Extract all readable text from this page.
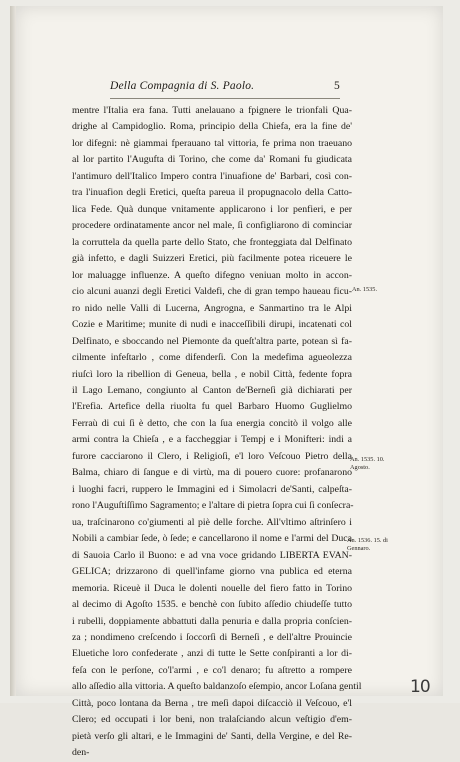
Della Compagnia di S. Paolo.	5
mentre l'Italia era fana. Tutti anelauano a fpignere le trionfali Qua-
drighe al Campidoglio. Roma, principio della Chiefa, era la fine de'
lor difegni: nè giammai fperauano tal vittoria, fe prima non traeuano
al lor partito l'Augufta di Torino, che come da' Romani fu giudicata
l'antimuro dell'Italico Impero contra l'inuafione de' Barbari, così con-
tra l'inuafion degli Eretici, queſta pareua il propugnacolo della Catto-
lica Fede. Quà dunque vnitamente applicarono i lor penfieri, e per
procedere ordinatamente ancor nel male, ſi configliarono di cominciar
la corruttela da quella parte dello Stato, che fronteggiata dal Delfinato
già infetto, e dagli Suizzeri Eretici, più facilmente potea riceuere le
lor maluagge influenze. A queſto difegno veniuan molto in accon-
cio alcuni auanzi degli Eretici Valdefi, che di gran tempo haueau ficu-
ro nido nelle Valli di Lucerna, Angrogna, e Sanmartino tra le Alpi
Cozie e Maritime; munite di nudi e inacceſſibili dirupi, incatenati col
Delfinato, e sboccando nel Piemonte da queſt'altra parte, potean sì fa-
cilmente infeſtarlo , come difenderſi. Con la medefima agueolezza
riuſcì loro la ribellion di Geneua, bella , e nobil Città, fedente fopra
il Lago Lemano, congiunto al Canton de'Berneſi già dichiarati per
l'Erefia. Artefice della riuolta fu quel Barbaro Huomo Guglielmo
Ferraù di cui ſi è detto, che con la ſua energia concitò il volgo alle
armi contra la Chieſa , e a faccheggiar i Tempj e i Monifteri: indi a
furore cacciarono il Clero, i Religioſi, e'l loro Veſcouo Pietro della
Balma, chiaro di ſangue e di virtù, ma di pouero cuore: profanarono
i luoghi facri, ruppero le Immagini ed i Simolacri de'Santi, calpeſta-
rono l'Auguſtiſſimo Sagramento; e l'altare di pietra ſopra cui ſi conſecra-
ua, traſcinarono co'giumenti al piè delle forche. All'vltimo aſtrinſero i
Nobili a cambiar ſede, ò ſede; e cancellarono il nome e l'armi del Duca
di Sauoia Carlo il Buono: e ad vna voce gridando LIBERTA EVAN-
GELICA; drizzarono di quell'infame giorno vna publica ed eterna
memoria. Riceuè il Duca le dolenti nouelle del fiero fatto in Torino
al decimo di Agoſto 1535. e benchè con ſubito aſſedio chiudeſſe tutto
i rubelli, doppiamente abbattuti dalla penuria e dalla propria conſcien-
za ; nondimeno creſcendo i ſoccorſi di Berneſi , e dell'altre Prouincie
Eluetiche loro confederate , anzi di tutte le Sette conſpiranti a lor di-
feſa con le perſone, co'l'armi , e co'l denaro; fu aſtretto a rompere
allo aſſedio alla vittoria. A queſto baldanzoſo eſempio, ancor Loſana gentil
Città, poco lontana da Berna , tre meſi dapoi diſcacciò il Veſcouo, e'l
Clero; ed occupati i lor beni, non tralaſciando alcun veſtigio d'em-
pietà verſo gli altari, e le Immagini de' Santi, della Vergine, e del Re-
den-
An. 1535.
An. 1535. 10. Agosto.
An. 1536. 15. di Gennaro.
10
